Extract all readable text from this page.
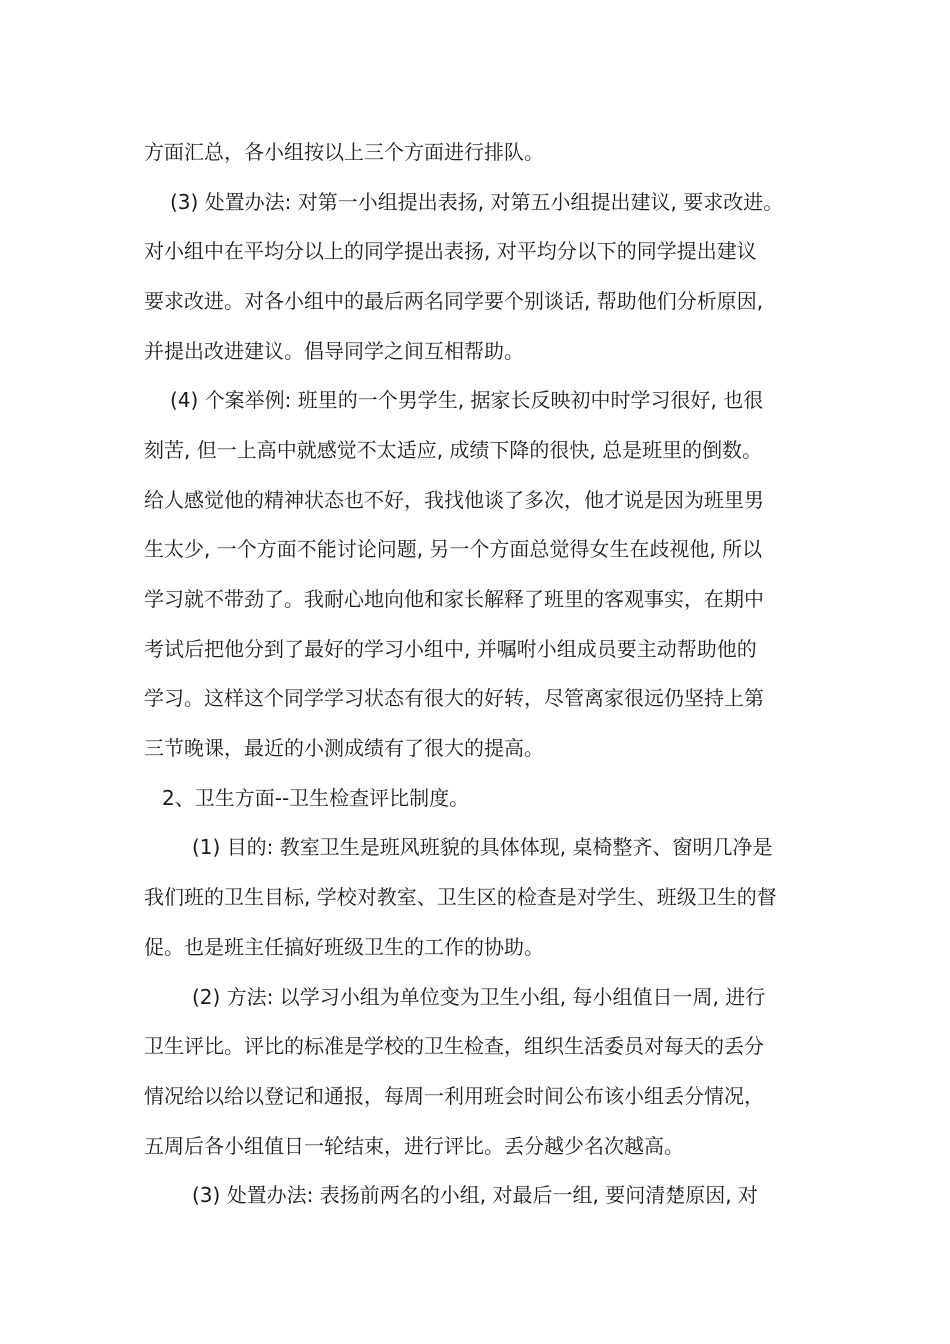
方面汇总，各小组按以上三个方面进行排队。
(3) 处置办法: 对第一小组提出表扬, 对第五小组提出建议, 要求改进。
对小组中在平均分以上的同学提出表扬, 对平均分以下的同学提出建议
要求改进。对各小组中的最后两名同学要个别谈话, 帮助他们分析原因,
并提出改进建议。倡导同学之间互相帮助。
(4) 个案举例: 班里的一个男学生, 据家长反映初中时学习很好, 也很
刻苦, 但一上高中就感觉不太适应, 成绩下降的很快, 总是班里的倒数。
给人感觉他的精神状态也不好，我找他谈了多次，他才说是因为班里男
生太少, 一个方面不能讨论问题, 另一个方面总觉得女生在歧视他, 所以
学习就不带劲了。我耐心地向他和家长解释了班里的客观事实，在期中
考试后把他分到了最好的学习小组中, 并嘱咐小组成员要主动帮助他的
学习。这样这个同学学习状态有很大的好转，尽管离家很远仍坚持上第
三节晚课，最近的小测成绩有了很大的提高。
2、卫生方面--卫生检查评比制度。
(1) 目的: 教室卫生是班风班貌的具体体现, 桌椅整齐、窗明几净是
我们班的卫生目标, 学校对教室、卫生区的检查是对学生、班级卫生的督
促。也是班主任搞好班级卫生的工作的协助。
(2) 方法: 以学习小组为单位变为卫生小组, 每小组值日一周, 进行
卫生评比。评比的标准是学校的卫生检查，组织生活委员对每天的丢分
情况给以给以登记和通报，每周一利用班会时间公布该小组丢分情况，
五周后各小组值日一轮结束，进行评比。丢分越少名次越高。
(3) 处置办法: 表扬前两名的小组, 对最后一组, 要问清楚原因, 对
